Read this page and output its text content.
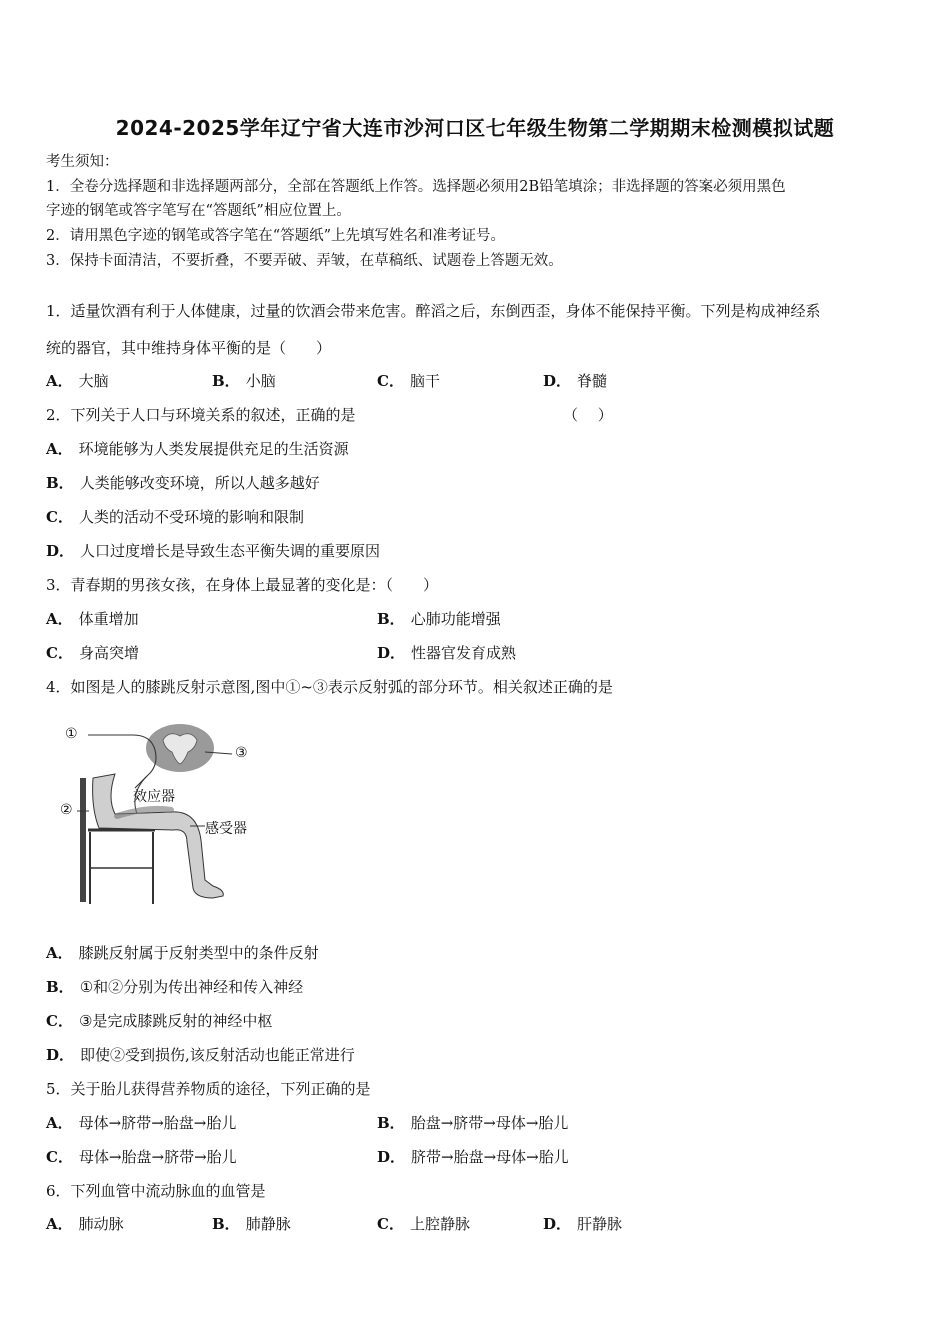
2024-2025学年辽宁省大连市沙河口区七年级生物第二学期期末检测模拟试题
考生须知：
1．全卷分选择题和非选择题两部分，全部在答题纸上作答。选择题必须用2B铅笔填涂；非选择题的答案必须用黑色
字迹的钢笔或答字笔写在“答题纸”相应位置上。
2．请用黑色字迹的钢笔或答字笔在“答题纸”上先填写姓名和准考证号。
3．保持卡面清洁，不要折叠，不要弄破、弄皱，在草稿纸、试题卷上答题无效。
1．适量饮酒有利于人体健康，过量的饮酒会带来危害。醉滔之后，东倒西歪，身体不能保持平衡。下列是构成神经系
统的器官，其中维持身体平衡的是（　　）
A． 大脑	B． 小脑	C． 脑干	D． 脊髓
2．下列关于人口与环境关系的叙述，正确的是	（　 ）
A． 环境能够为人类发展提供充足的生活资源
B． 人类能够改变环境，所以人越多越好
C． 人类的活动不受环境的影响和限制
D． 人口过度增长是导致生态平衡失调的重要原因
3．青春期的男孩女孩，在身体上最显著的变化是：（　　）
A． 体重增加	B． 心肺功能增强
C． 身高突增	D． 性器官发育成熟
4．如图是人的膝跳反射示意图,图中①~③表示反射弧的部分环节。相关叙述正确的是
①
③
②
效应器
感受器
A． 膝跳反射属于反射类型中的条件反射
B． ①和②分别为传出神经和传入神经
C． ③是完成膝跳反射的神经中枢
D． 即使②受到损伤,该反射活动也能正常进行
5．关于胎儿获得营养物质的途径，下列正确的是
A． 母体→脐带→胎盘→胎儿	B． 胎盘→脐带→母体→胎儿
C． 母体→胎盘→脐带→胎儿	D． 脐带→胎盘→母体→胎儿
6．下列血管中流动脉血的血管是
A． 肺动脉	B． 肺静脉	C． 上腔静脉	D． 肝静脉
